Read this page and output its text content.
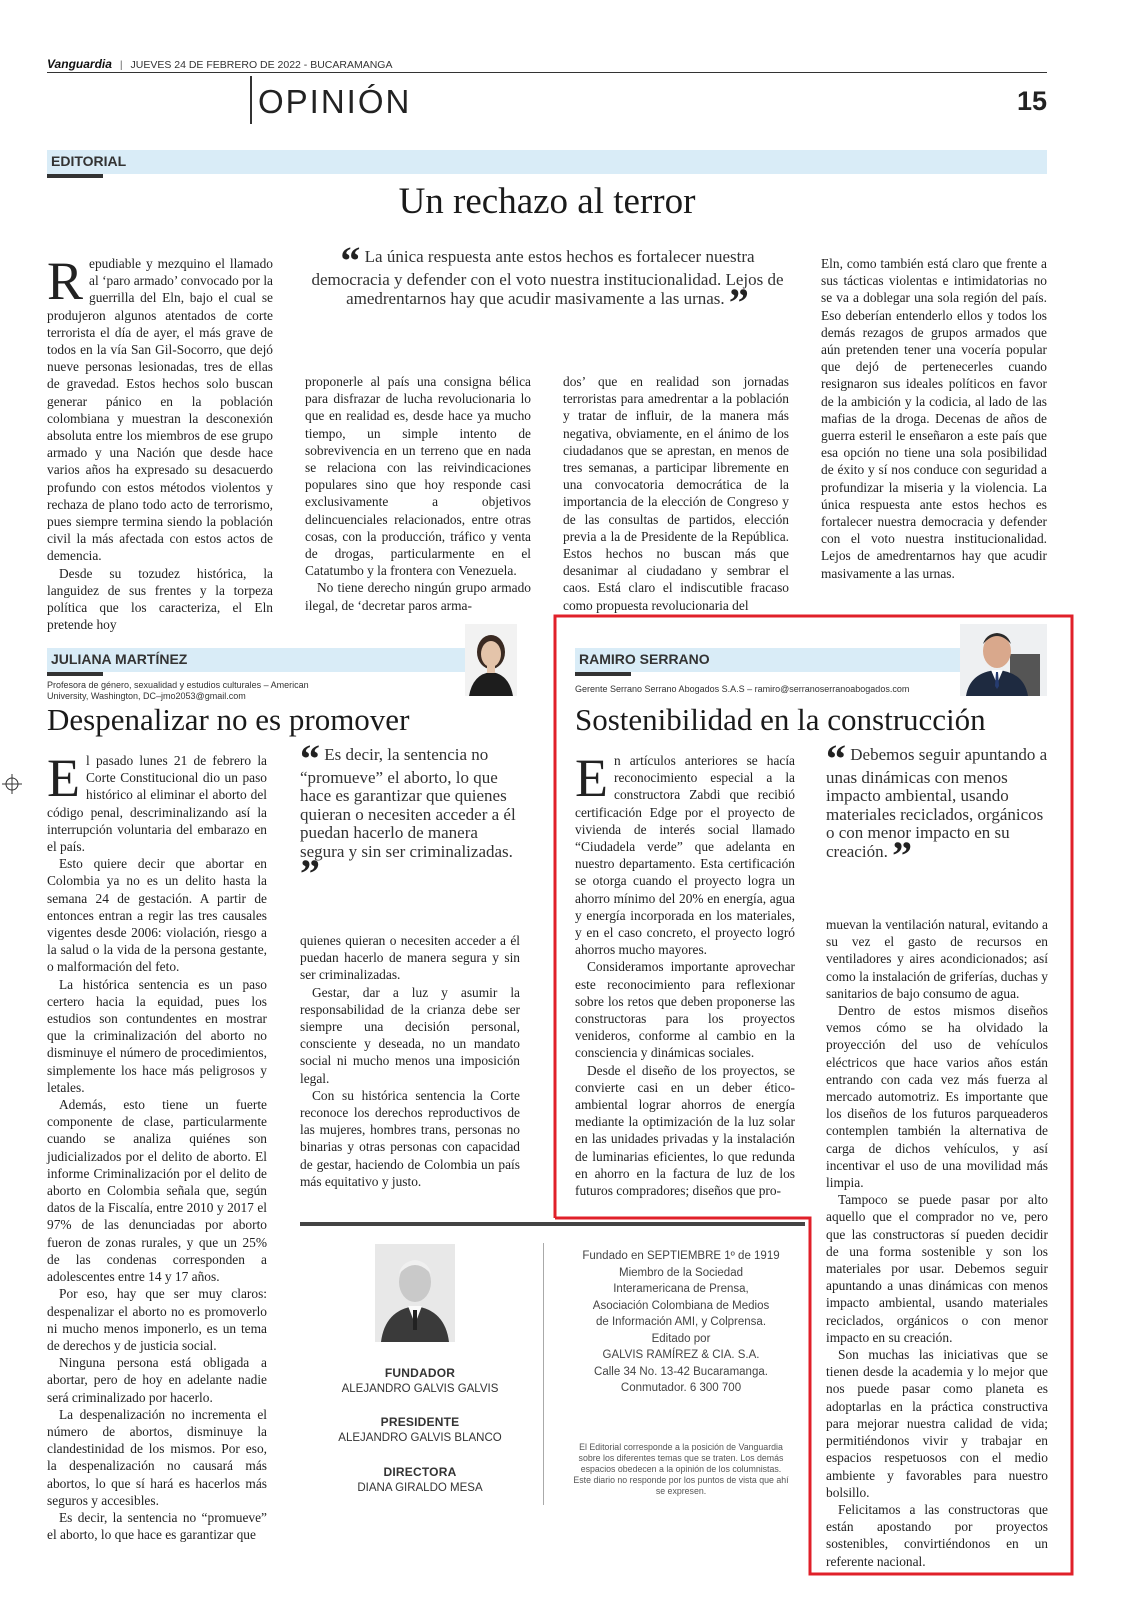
Vanguardia | JUEVES 24 DE FEBRERO DE 2022 - BUCARAMANGA
OPINIÓN	15
EDITORIAL
Un rechazo al terror
“ La única respuesta ante estos hechos es fortalecer nuestra democracia y defender con el voto nuestra institucionalidad. Lejos de amedrentarnos hay que acudir masivamente a las urnas. ”

Repudiable y mezquino el llamado al ‘paro armado’ convocado por la guerrilla del Eln, bajo el cual se produjeron algunos atentados de corte terrorista el día de ayer, el más grave de todos en la vía San Gil-Socorro, que dejó nueve personas lesionadas, tres de ellas de gravedad. Estos hechos solo buscan generar pánico en la población colombiana y muestran la desconexión absoluta entre los miembros de ese grupo armado y una Nación que desde hace varios años ha expresado su desacuerdo profundo con estos métodos violentos y rechaza de plano todo acto de terrorismo, pues siempre termina siendo la población civil la más afectada con estos actos de demencia.

Desde su tozudez histórica, la languidez de sus frentes y la torpeza política que los caracteriza, el Eln pretende hoy

proponerle al país una consigna bélica para disfrazar de lucha revolucionaria lo que en realidad es, desde hace ya mucho tiempo, un simple intento de sobrevivencia en un terreno que en nada se relaciona con las reivindicaciones populares sino que hoy responde casi exclusivamente a objetivos delincuenciales relacionados, entre otras cosas, con la producción, tráfico y venta de drogas, particularmente en el Catatumbo y la frontera con Venezuela.

No tiene derecho ningún grupo armado ilegal, de ‘decretar paros arma-

dos’ que en realidad son jornadas terroristas para amedrentar a la población y tratar de influir, de la manera más negativa, obviamente, en el ánimo de los ciudadanos que se aprestan, en menos de tres semanas, a participar libremente en una convocatoria democrática de la importancia de la elección de Congreso y de las consultas de partidos, elección previa a la de Presidente de la República. Estos hechos no buscan más que desanimar al ciudadano y sembrar el caos. Está claro el indiscutible fracaso como propuesta revolucionaria del

Eln, como también está claro que frente a sus tácticas violentas e intimidatorias no se va a doblegar una sola región del país. Eso deberían entenderlo ellos y todos los demás rezagos de grupos armados que aún pretenden tener una vocería popular que dejó de pertenecerles cuando resignaron sus ideales políticos en favor de la ambición y la codicia, al lado de las mafias de la droga. Decenas de años de guerra esteril le enseñaron a este país que esa opción no tiene una sola posibilidad de éxito y sí nos conduce con seguridad a profundizar la miseria y la violencia. La única respuesta ante estos hechos es fortalecer nuestra democracia y defender con el voto nuestra institucionalidad. Lejos de amedrentarnos hay que acudir masivamente a las urnas.

JULIANA MARTÍNEZ
Profesora de género, sexualidad y estudios culturales – American University, Washington, DC–jmo2053@gmail.com
Despenalizar no es promover
“ Es decir, la sentencia no “promueve” el aborto, lo que hace es garantizar que quienes quieran o necesiten acceder a él puedan hacerlo de manera segura y sin ser criminalizadas. ”

El pasado lunes 21 de febrero la Corte Constitucional dio un paso histórico al eliminar el aborto del código penal, descriminalizando así la interrupción voluntaria del embarazo en el país.

Esto quiere decir que abortar en Colombia ya no es un delito hasta la semana 24 de gestación. A partir de entonces entran a regir las tres causales vigentes desde 2006: violación, riesgo a la salud o la vida de la persona gestante, o malformación del feto.

La histórica sentencia es un paso certero hacia la equidad, pues los estudios son contundentes en mostrar que la criminalización del aborto no disminuye el número de procedimientos, simplemente los hace más peligrosos y letales.

Además, esto tiene un fuerte componente de clase, particularmente cuando se analiza quiénes son judicializados por el delito de aborto. El informe Criminalización por el delito de aborto en Colombia señala que, según datos de la Fiscalía, entre 2010 y 2017 el 97% de las denunciadas por aborto fueron de zonas rurales, y que un 25% de las condenas corresponden a adolescentes entre 14 y 17 años.

Por eso, hay que ser muy claros: despenalizar el aborto no es promoverlo ni mucho menos imponerlo, es un tema de derechos y de justicia social.

Ninguna persona está obligada a abortar, pero de hoy en adelante nadie será criminalizado por hacerlo.

La despenalización no incrementa el número de abortos, disminuye la clandestinidad de los mismos. Por eso, la despenalización no causará más abortos, lo que sí hará es hacerlos más seguros y accesibles.

Es decir, la sentencia no “promueve” el aborto, lo que hace es garantizar que

quienes quieran o necesiten acceder a él puedan hacerlo de manera segura y sin ser criminalizadas.

Gestar, dar a luz y asumir la responsabilidad de la crianza debe ser siempre una decisión personal, consciente y deseada, no un mandato social ni mucho menos una imposición legal.

Con su histórica sentencia la Corte reconoce los derechos reproductivos de las mujeres, hombres trans, personas no binarias y otras personas con capacidad de gestar, haciendo de Colombia un país más equitativo y justo.

RAMIRO SERRANO
Gerente Serrano Serrano Abogados S.A.S – ramiro@serranoserranoabogados.com
Sostenibilidad en la construcción
“ Debemos seguir apuntando a unas dinámicas con menos impacto ambiental, usando materiales reciclados, orgánicos o con menor impacto en su creación. ”

En artículos anteriores se hacía reconocimiento especial a la constructora Zabdi que recibió certificación Edge por el proyecto de vivienda de interés social llamado “Ciudadela verde” que adelanta en nuestro departamento. Esta certificación se otorga cuando el proyecto logra un ahorro mínimo del 20% en energía, agua y energía incorporada en los materiales, y en el caso concreto, el proyecto logró ahorros mucho mayores.

Consideramos importante aprovechar este reconocimiento para reflexionar sobre los retos que deben proponerse las constructoras para los proyectos venideros, conforme al cambio en la consciencia y dinámicas sociales.

Desde el diseño de los proyectos, se convierte casi en un deber ético-ambiental lograr ahorros de energía mediante la optimización de la luz solar en las unidades privadas y la instalación de luminarias eficientes, lo que redunda en ahorro en la factura de luz de los futuros compradores; diseños que pro-

muevan la ventilación natural, evitando a su vez el gasto de recursos en ventiladores y aires acondicionados; así como la instalación de griferías, duchas y sanitarios de bajo consumo de agua.

Dentro de estos mismos diseños vemos cómo se ha olvidado la proyección del uso de vehículos eléctricos que hace varios años están entrando con cada vez más fuerza al mercado automotriz. Es importante que los diseños de los futuros parqueaderos contemplen también la alternativa de carga de dichos vehículos, y así incentivar el uso de una movilidad más limpia.

Tampoco se puede pasar por alto aquello que el comprador no ve, pero que las constructoras sí pueden decidir de una forma sostenible y son los materiales por usar. Debemos seguir apuntando a unas dinámicas con menos impacto ambiental, usando materiales reciclados, orgánicos o con menor impacto en su creación.

Son muchas las iniciativas que se tienen desde la academia y lo mejor que nos puede pasar como planeta es adoptarlas en la práctica constructiva para mejorar nuestra calidad de vida; permitiéndonos vivir y trabajar en espacios respetuosos con el medio ambiente y favorables para nuestro bolsillo.

Felicitamos a las constructoras que están apostando por proyectos sostenibles, convirtiéndonos en un referente nacional.

FUNDADOR
ALEJANDRO GALVIS GALVIS
PRESIDENTE
ALEJANDRO GALVIS BLANCO
DIRECTORA
DIANA GIRALDO MESA
Fundado en SEPTIEMBRE 1º de 1919
Miembro de la Sociedad
Interamericana de Prensa,
Asociación Colombiana de Medios
de Información AMI, y Colprensa.
Editado por
GALVIS RAMÍREZ & CIA. S.A.
Calle 34 No. 13-42 Bucaramanga.
Conmutador. 6 300 700
El Editorial corresponde a la posición de Vanguardia sobre los diferentes temas que se traten. Los demás espacios obedecen a la opinión de los columnistas. Este diario no responde por los puntos de vista que ahí se expresen.
